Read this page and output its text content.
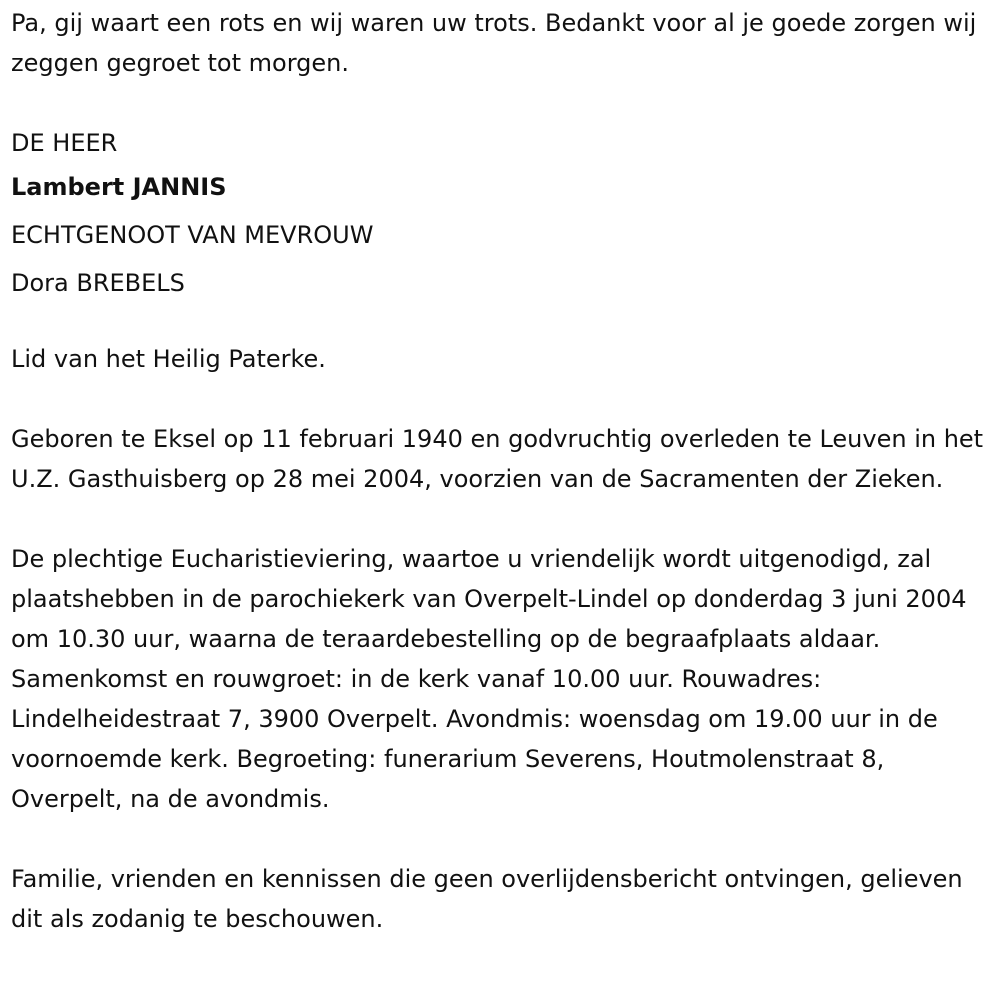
Pa, gij waart een rots en wij waren uw trots. Bedankt voor al je goede zorgen wij zeggen gegroet tot morgen.

DE HEER
Lambert JANNIS
ECHTGENOOT VAN MEVROUW
Dora BREBELS

Lid van het Heilig Paterke.

Geboren te Eksel op 11 februari 1940 en godvruchtig overleden te Leuven in het U.Z. Gasthuisberg op 28 mei 2004, voorzien van de Sacramenten der Zieken.

De plechtige Eucharistieviering, waartoe u vriendelijk wordt uitgenodigd, zal plaatshebben in de parochiekerk van Overpelt-Lindel op donderdag 3 juni 2004 om 10.30 uur, waarna de teraardebestelling op de begraafplaats aldaar. Samenkomst en rouwgroet: in de kerk vanaf 10.00 uur. Rouwadres: Lindelheidestraat 7, 3900 Overpelt. Avondmis: woensdag om 19.00 uur in de voornoemde kerk. Begroeting: funerarium Severens, Houtmolenstraat 8, Overpelt, na de avondmis.

Familie, vrienden en kennissen die geen overlijdensbericht ontvingen, gelieven dit als zodanig te beschouwen.
